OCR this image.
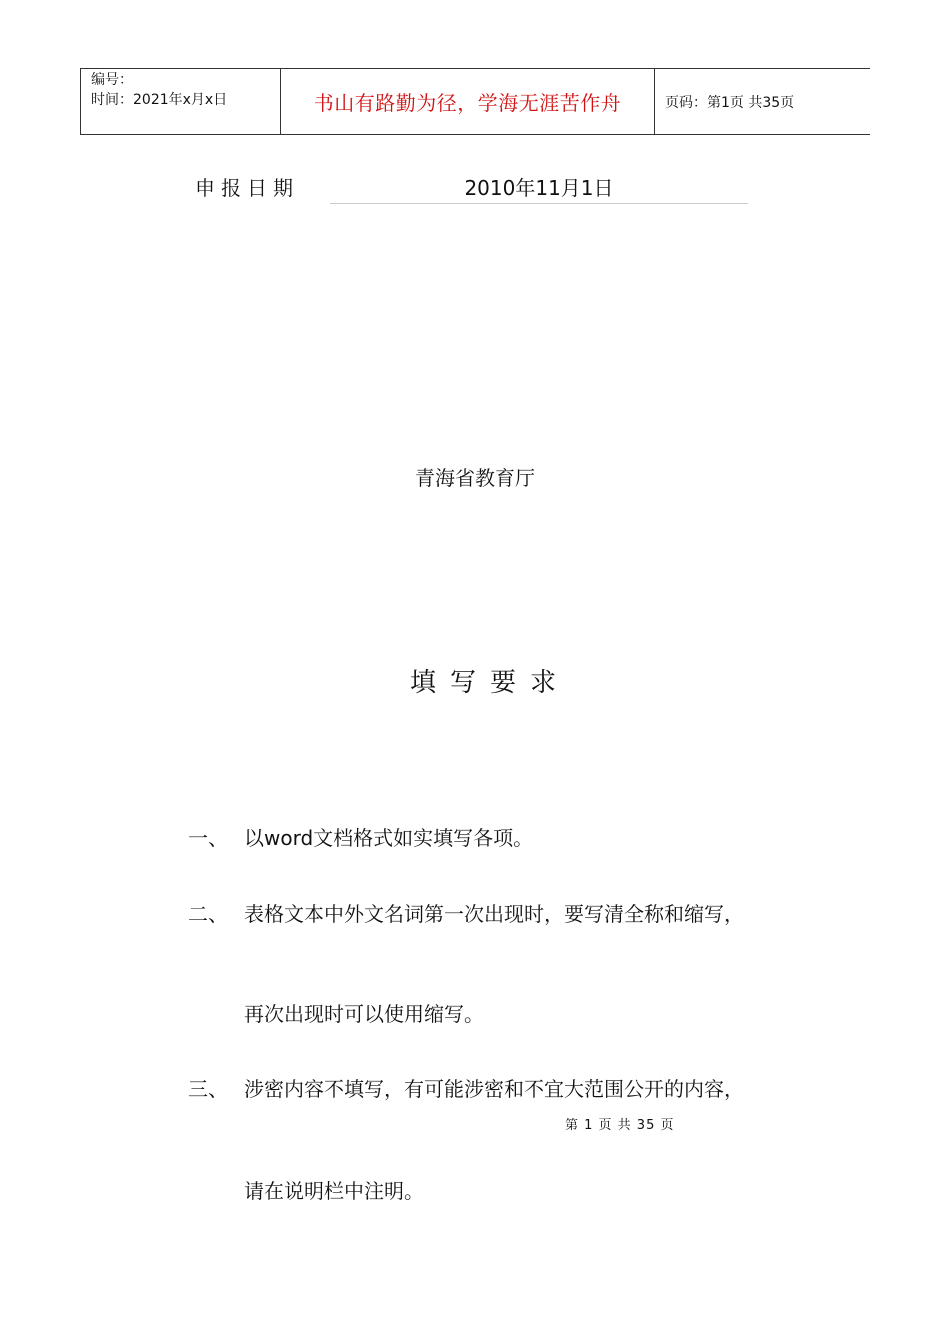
编号：
时间：2021年x月x日	书山有路勤为径，学海无涯苦作舟	页码：第1页 共35页
申报日期	2010年11月1日
青海省教育厅
填写要求
一、 以word文档格式如实填写各项。
二、 表格文本中外文名词第一次出现时，要写清全称和缩写，
再次出现时可以使用缩写。
三、 涉密内容不填写，有可能涉密和不宜大范围公开的内容，
请在说明栏中注明。
第 1 页 共 35 页
